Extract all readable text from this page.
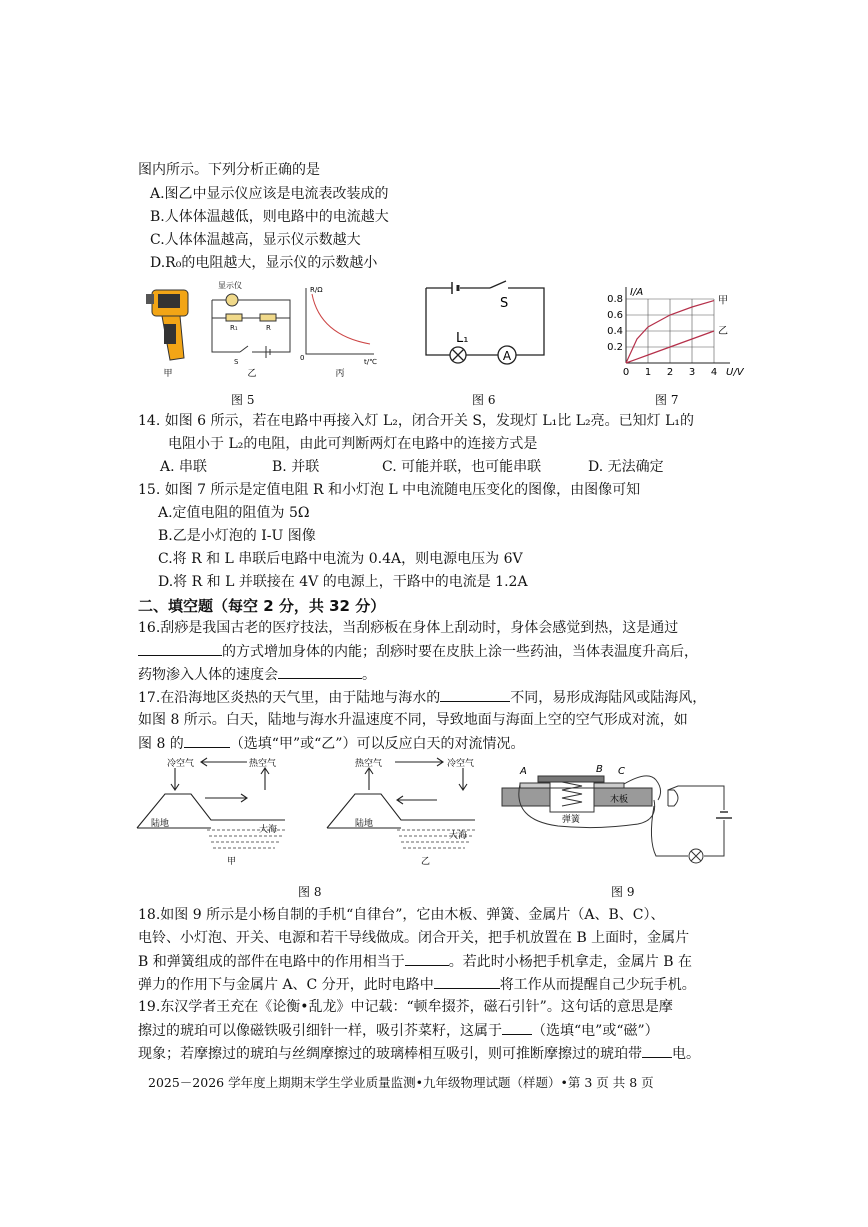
图内所示。下列分析正确的是
A.图乙中显示仪应该是电流表改装成的
B.人体体温越低，则电路中的电流越大
C.人体体温越高，显示仪示数越大
D.R₀的电阻越大，显示仪的示数越小
甲
显示仪
R₁	R
S
乙
R/Ω
t/℃
0
丙
图 5
S
L₁
A
图 6
0 1 2 3 4
0.2
0.4
0.6
0.8
I/A
U/V
甲
乙
图 7
14. 如图 6 所示，若在电路中再接入灯 L₂，闭合开关 S，发现灯 L₁比 L₂亮。已知灯 L₁的
电阻小于 L₂的电阻，由此可判断两灯在电路中的连接方式是
A. 串联	B. 并联	C. 可能并联，也可能串联	D. 无法确定
15. 如图 7 所示是定值电阻 R 和小灯泡 L 中电流随电压变化的图像，由图像可知
A.定值电阻的阻值为 5Ω
B.乙是小灯泡的 I-U 图像
C.将 R 和 L 串联后电路中电流为 0.4A，则电源电压为 6V
D.将 R 和 L 并联接在 4V 的电源上，干路中的电流是 1.2A
二、填空题（每空 2 分，共 32 分）
16.刮痧是我国古老的医疗技法，当刮痧板在身体上刮动时，身体会感觉到热，这是通过
的方式增加身体的内能；刮痧时要在皮肤上涂一些药油，当体表温度升高后，
药物渗入人体的速度会	。
17.在沿海地区炎热的天气里，由于陆地与海水的	不同，易形成海陆风或陆海风，
如图 8 所示。白天，陆地与海水升温速度不同，导致地面与海面上空的空气形成对流，如
图 8 的	（选填“甲”或“乙”）可以反应白天的对流情况。
冷空气	热空气
陆地
大海
甲
热空气	冷空气
陆地
大海
乙
图 8
A	B C
木板
弹簧
图 9
18.如图 9 所示是小杨自制的手机“自律台”，它由木板、弹簧、金属片（A、B、C）、
电铃、小灯泡、开关、电源和若干导线做成。闭合开关，把手机放置在 B 上面时，金属片
B 和弹簧组成的部件在电路中的作用相当于	。若此时小杨把手机拿走，金属片 B 在
弹力的作用下与金属片 A、C 分开，此时电路中	将工作从而提醒自己少玩手机。
19.东汉学者王充在《论衡•乱龙》中记载：“顿牟掇芥，磁石引针”。这句话的意思是摩
擦过的琥珀可以像磁铁吸引细针一样，吸引芥菜籽，这属于 （选填“电”或“磁”）
现象；若摩擦过的琥珀与丝绸摩擦过的玻璃棒相互吸引，则可推断摩擦过的琥珀带 电。
2025－2026 学年度上期期末学生学业质量监测•九年级物理试题（样题）•第 3 页 共 8 页
